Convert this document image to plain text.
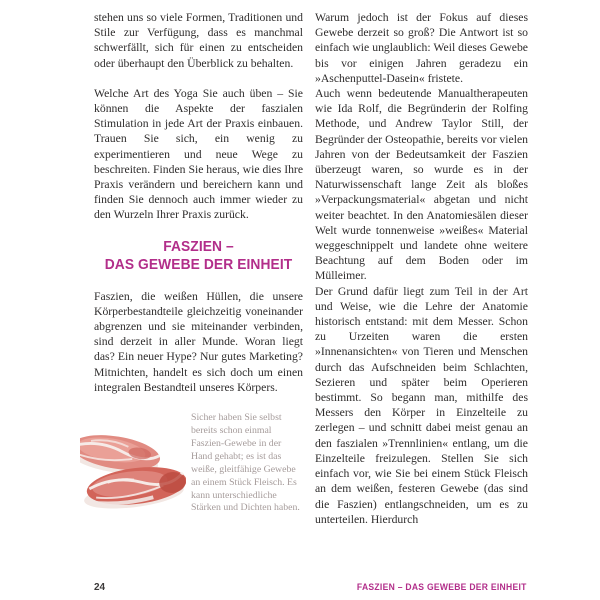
stehen uns so viele Formen, Traditionen und Stile zur Verfügung, dass es manchmal schwerfällt, sich für einen zu entscheiden oder überhaupt den Überblick zu behalten.

Welche Art des Yoga Sie auch üben – Sie können die Aspekte der faszialen Stimulation in jede Art der Praxis einbauen. Trauen Sie sich, ein wenig zu experimentieren und neue Wege zu beschreiten. Finden Sie heraus, wie dies Ihre Praxis verändern und bereichern kann und finden Sie dennoch auch immer wieder zu den Wurzeln Ihrer Praxis zurück.

FASZIEN –
DAS GEWEBE DER EINHEIT

Faszien, die weißen Hüllen, die unsere Körperbestandteile gleichzeitig voneinander abgrenzen und sie miteinander verbinden, sind derzeit in aller Munde. Woran liegt das? Ein neuer Hype? Nur gutes Marketing? Mitnichten, handelt es sich doch um einen integralen Bestandteil unseres Körpers.

Sicher haben Sie selbst bereits schon einmal Faszien-Gewebe in der Hand gehabt; es ist das weiße, gleitfähige Gewebe an einem Stück Fleisch. Es kann unterschiedliche Stärken und Dichten haben.

Warum jedoch ist der Fokus auf dieses Gewebe derzeit so groß? Die Antwort ist so einfach wie unglaublich: Weil dieses Gewebe bis vor einigen Jahren geradezu ein »Aschenputtel-Dasein« fristete.

Auch wenn bedeutende Manualtherapeuten wie Ida Rolf, die Begründerin der Rolfing Methode, und Andrew Taylor Still, der Begründer der Osteopathie, bereits vor vielen Jahren von der Bedeutsamkeit der Faszien überzeugt waren, so wurde es in der Naturwissenschaft lange Zeit als bloßes »Verpackungsmaterial« abgetan und nicht weiter beachtet. In den Anatomiesälen dieser Welt wurde tonnenweise »weißes« Material weggeschnippelt und landete ohne weitere Beachtung auf dem Boden oder im Mülleimer.

Der Grund dafür liegt zum Teil in der Art und Weise, wie die Lehre der Anatomie historisch entstand: mit dem Messer. Schon zu Urzeiten waren die ersten »Innenansichten« von Tieren und Menschen durch das Aufschneiden beim Schlachten, Sezieren und später beim Operieren bestimmt. So begann man, mithilfe des Messers den Körper in Einzelteile zu zerlegen – und schnitt dabei meist genau an den faszialen »Trennlinien« entlang, um die Einzelteile freizulegen. Stellen Sie sich einfach vor, wie Sie bei einem Stück Fleisch an dem weißen, festeren Gewebe (das sind die Faszien) entlangschneiden, um es zu unterteilen. Hierdurch

24	FASZIEN – DAS GEWEBE DER EINHEIT
